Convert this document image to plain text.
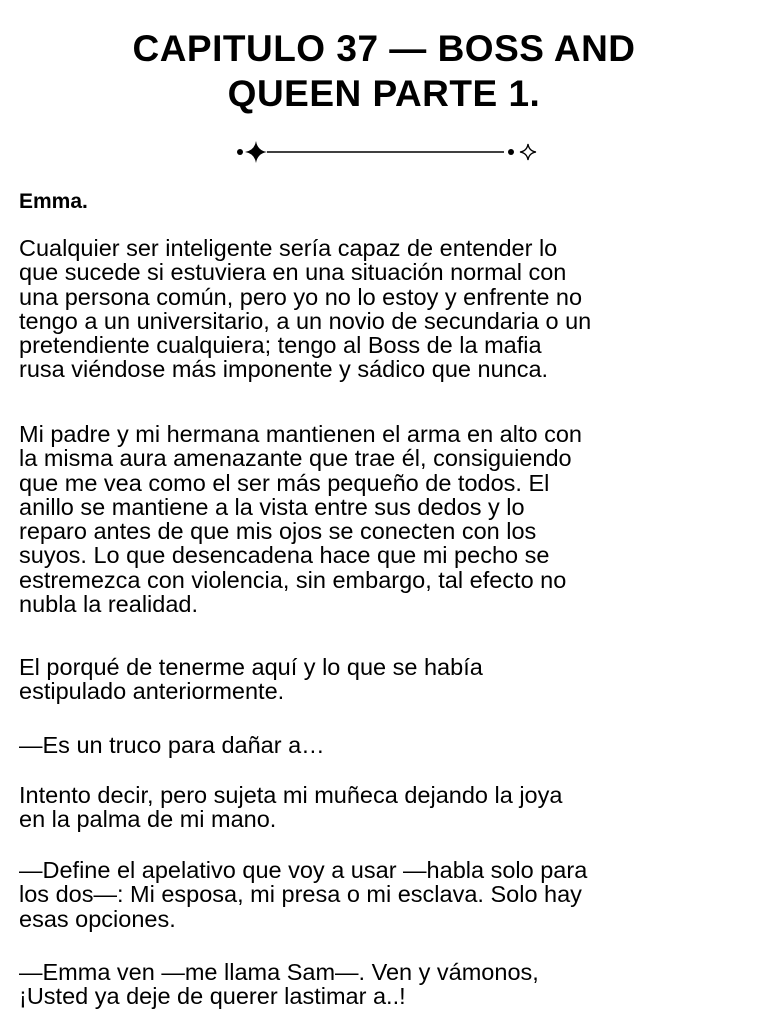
CAPITULO 37 — BOSS AND
QUEEN PARTE 1.

Emma.

Cualquier ser inteligente sería capaz de entender lo
que sucede si estuviera en una situación normal con
una persona común, pero yo no lo estoy y enfrente no
tengo a un universitario, a un novio de secundaria o un
pretendiente cualquiera; tengo al Boss de la mafia
rusa viéndose más imponente y sádico que nunca.

Mi padre y mi hermana mantienen el arma en alto con
la misma aura amenazante que trae él, consiguiendo
que me vea como el ser más pequeño de todos. El
anillo se mantiene a la vista entre sus dedos y lo
reparo antes de que mis ojos se conecten con los
suyos. Lo que desencadena hace que mi pecho se
estremezca con violencia, sin embargo, tal efecto no
nubla la realidad.

El porqué de tenerme aquí y lo que se había
estipulado anteriormente.

—Es un truco para dañar a…

Intento decir, pero sujeta mi muñeca dejando la joya
en la palma de mi mano.

—Define el apelativo que voy a usar —habla solo para
los dos—: Mi esposa, mi presa o mi esclava. Solo hay
esas opciones.

—Emma ven —me llama Sam—. Ven y vámonos,
¡Usted ya deje de querer lastimar a..!
